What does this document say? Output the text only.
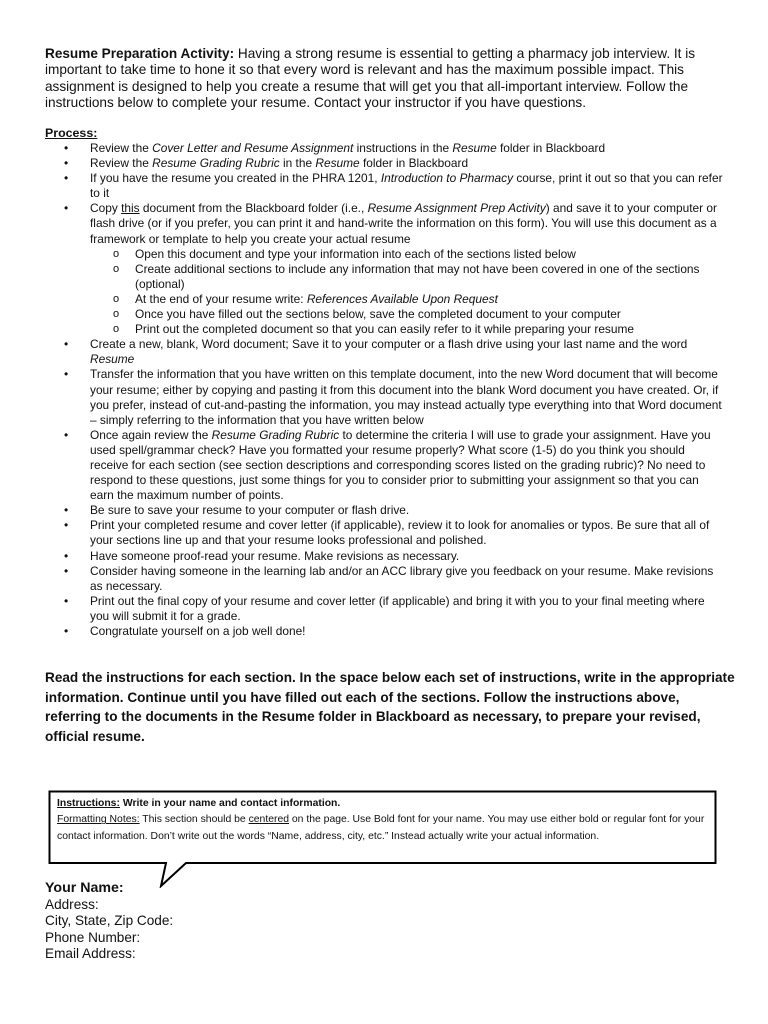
Resume Preparation Activity: Having a strong resume is essential to getting a pharmacy job interview. It is important to take time to hone it so that every word is relevant and has the maximum possible impact. This assignment is designed to help you create a resume that will get you that all-important interview. Follow the instructions below to complete your resume. Contact your instructor if you have questions.

Process:
• Review the Cover Letter and Resume Assignment instructions in the Resume folder in Blackboard
• Review the Resume Grading Rubric in the Resume folder in Blackboard
• If you have the resume you created in the PHRA 1201, Introduction to Pharmacy course, print it out so that you can refer to it
• Copy this document from the Blackboard folder (i.e., Resume Assignment Prep Activity) and save it to your computer or flash drive (or if you prefer, you can print it and hand-write the information on this form). You will use this document as a framework or template to help you create your actual resume
o Open this document and type your information into each of the sections listed below
o Create additional sections to include any information that may not have been covered in one of the sections (optional)
o At the end of your resume write: References Available Upon Request
o Once you have filled out the sections below, save the completed document to your computer
o Print out the completed document so that you can easily refer to it while preparing your resume
• Create a new, blank, Word document; Save it to your computer or a flash drive using your last name and the word Resume
• Transfer the information that you have written on this template document, into the new Word document that will become your resume; either by copying and pasting it from this document into the blank Word document you have created. Or, if you prefer, instead of cut-and-pasting the information, you may instead actually type everything into that Word document – simply referring to the information that you have written below
• Once again review the Resume Grading Rubric to determine the criteria I will use to grade your assignment. Have you used spell/grammar check? Have you formatted your resume properly? What score (1-5) do you think you should receive for each section (see section descriptions and corresponding scores listed on the grading rubric)? No need to respond to these questions, just some things for you to consider prior to submitting your assignment so that you can earn the maximum number of points.
• Be sure to save your resume to your computer or flash drive.
• Print your completed resume and cover letter (if applicable), review it to look for anomalies or typos. Be sure that all of your sections line up and that your resume looks professional and polished.
• Have someone proof-read your resume. Make revisions as necessary.
• Consider having someone in the learning lab and/or an ACC library give you feedback on your resume. Make revisions as necessary.
• Print out the final copy of your resume and cover letter (if applicable) and bring it with you to your final meeting where you will submit it for a grade.
• Congratulate yourself on a job well done!

Read the instructions for each section. In the space below each set of instructions, write in the appropriate information. Continue until you have filled out each of the sections. Follow the instructions above, referring to the documents in the Resume folder in Blackboard as necessary, to prepare your revised, official resume.

Instructions: Write in your name and contact information.
Formatting Notes: This section should be centered on the page. Use Bold font for your name. You may use either bold or regular font for your contact information. Don’t write out the words “Name, address, city, etc.” Instead actually write your actual information.
Your Name:
Address:
City, State, Zip Code:
Phone Number:
Email Address:
